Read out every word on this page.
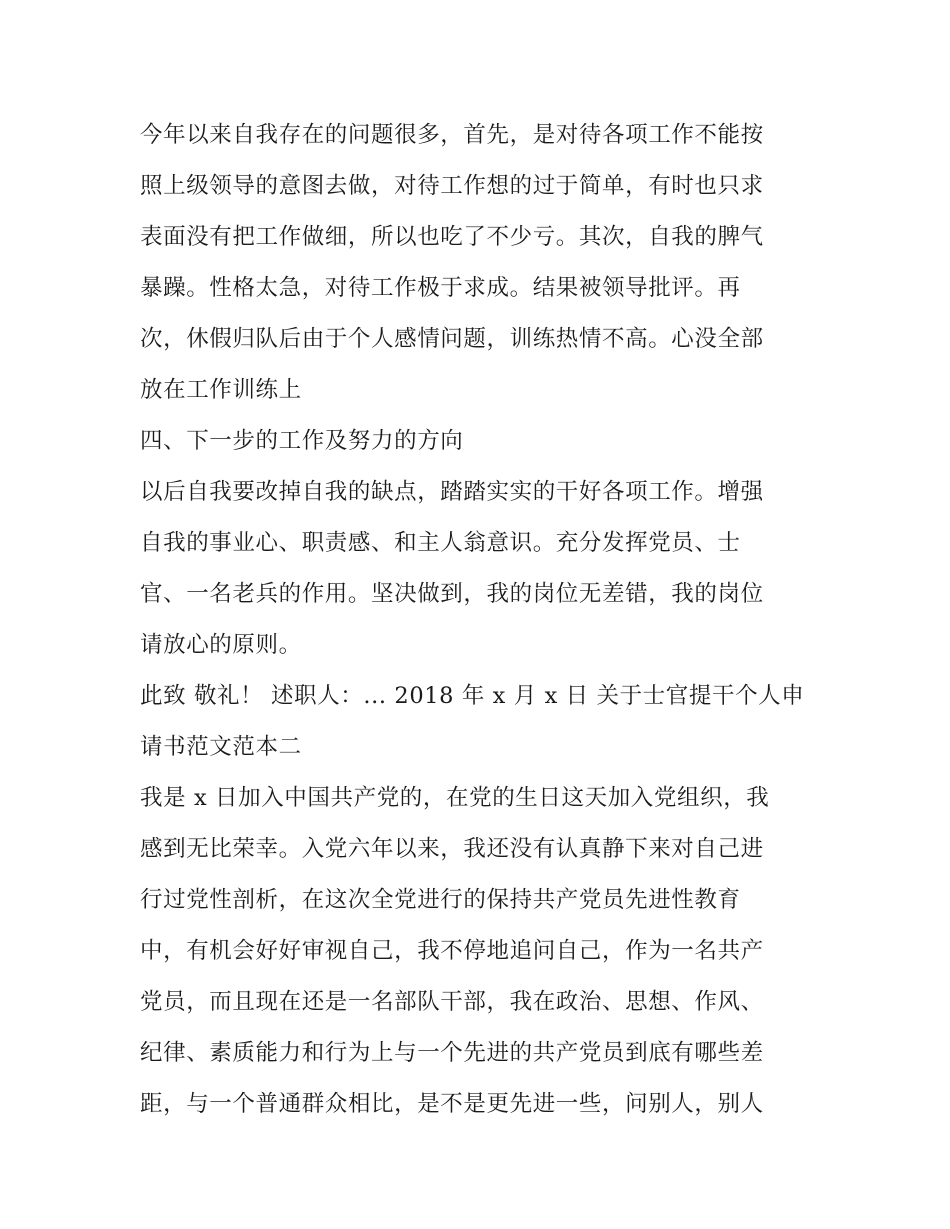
今年以来自我存在的问题很多，首先，是对待各项工作不能按
照上级领导的意图去做，对待工作想的过于简单，有时也只求
表面没有把工作做细，所以也吃了不少亏。其次，自我的脾气
暴躁。性格太急，对待工作极于求成。结果被领导批评。再
次，休假归队后由于个人感情问题，训练热情不高。心没全部
放在工作训练上
四、下一步的工作及努力的方向
以后自我要改掉自我的缺点，踏踏实实的干好各项工作。增强
自我的事业心、职责感、和主人翁意识。充分发挥党员、士
官、一名老兵的作用。坚决做到，我的岗位无差错，我的岗位
请放心的原则。
此致 敬礼！ 述职人：... 2018 年 x 月 x 日 关于士官提干个人申
请书范文范本二
我是 x 日加入中国共产党的，在党的生日这天加入党组织，我
感到无比荣幸。入党六年以来，我还没有认真静下来对自己进
行过党性剖析，在这次全党进行的保持共产党员先进性教育
中，有机会好好审视自己，我不停地追问自己，作为一名共产
党员，而且现在还是一名部队干部，我在政治、思想、作风、
纪律、素质能力和行为上与一个先进的共产党员到底有哪些差
距，与一个普通群众相比，是不是更先进一些，问别人，别人
